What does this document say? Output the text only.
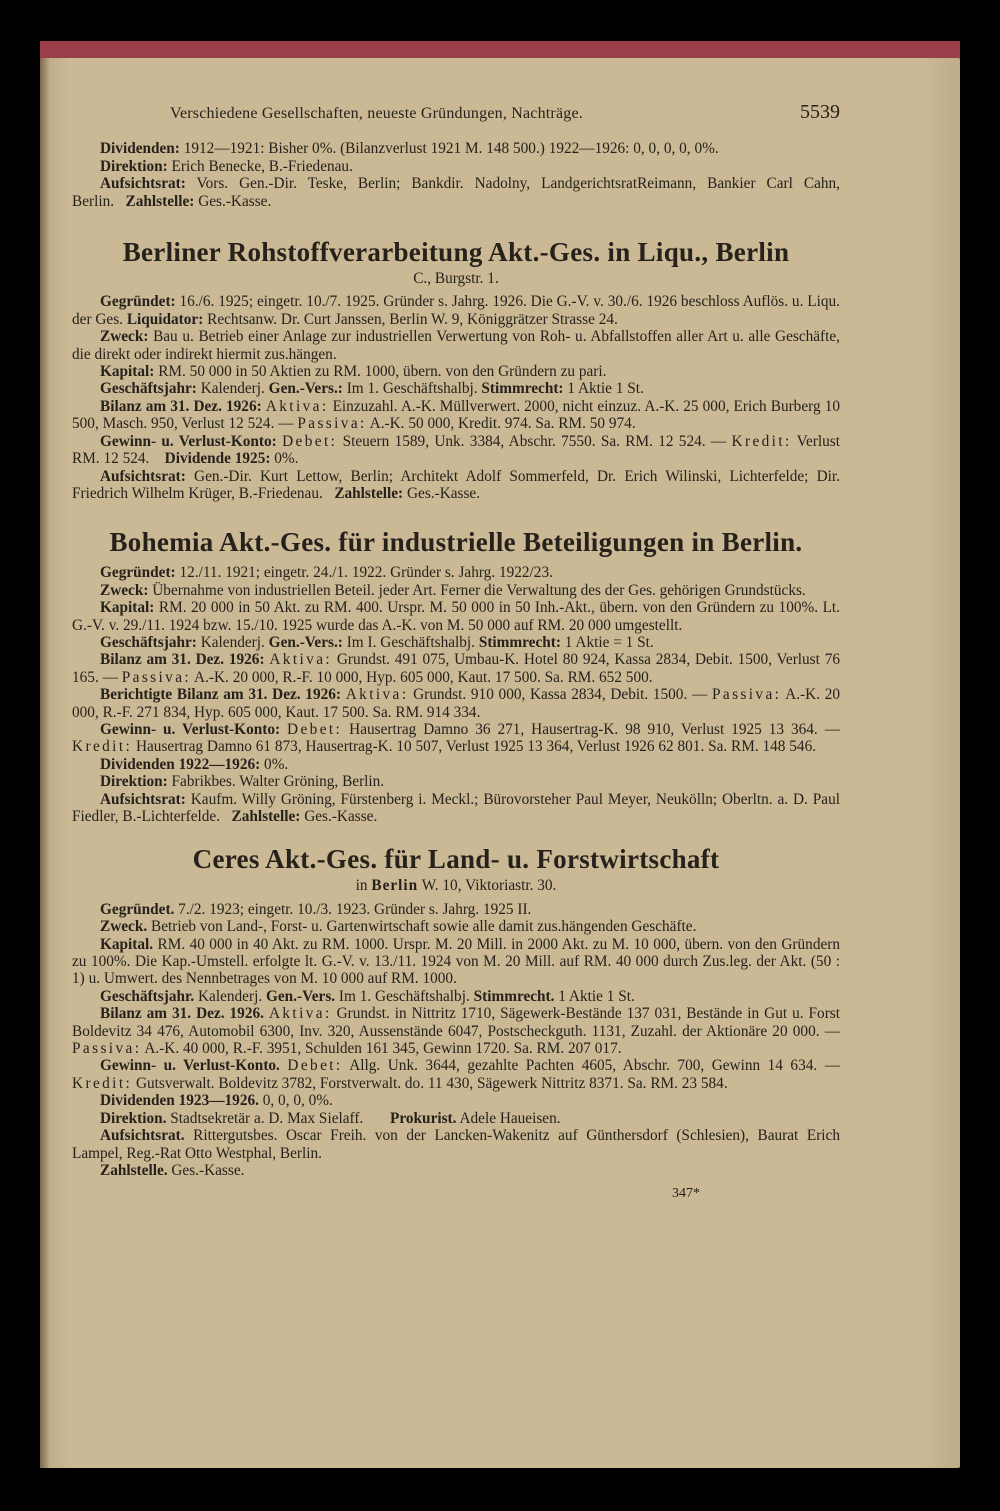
Verschiedene Gesellschaften, neueste Gründungen, Nachträge.	5539

Dividenden: 1912—1921: Bisher 0%. (Bilanzverlust 1921 M. 148 500.) 1922—1926: 0, 0, 0, 0, 0%.

Direktion: Erich Benecke, B.-Friedenau.

Aufsichtsrat: Vors. Gen.-Dir. Teske, Berlin; Bankdir. Nadolny, LandgerichtsratReimann, Bankier Carl Cahn, Berlin. Zahlstelle: Ges.-Kasse.

Berliner Rohstoffverarbeitung Akt.-Ges. in Liqu., Berlin

C., Burgstr. 1.

Gegründet: 16./6. 1925; eingetr. 10./7. 1925. Gründer s. Jahrg. 1926. Die G.-V. v. 30./6. 1926 beschloss Auflös. u. Liqu. der Ges. Liquidator: Rechtsanw. Dr. Curt Janssen, Berlin W. 9, Königgrätzer Strasse 24.

Zweck: Bau u. Betrieb einer Anlage zur industriellen Verwertung von Roh- u. Abfallstoffen aller Art u. alle Geschäfte, die direkt oder indirekt hiermit zus.hängen.

Kapital: RM. 50 000 in 50 Aktien zu RM. 1000, übern. von den Gründern zu pari.

Geschäftsjahr: Kalenderj. Gen.-Vers.: Im 1. Geschäftshalbj. Stimmrecht: 1 Aktie 1 St.

Bilanz am 31. Dez. 1926: Aktiva: Einzuzahl. A.-K. Müllverwert. 2000, nicht einzuz. A.-K. 25 000, Erich Burberg 10 500, Masch. 950, Verlust 12 524. — Passiva: A.-K. 50 000, Kredit. 974. Sa. RM. 50 974.

Gewinn- u. Verlust-Konto: Debet: Steuern 1589, Unk. 3384, Abschr. 7550. Sa. RM. 12 524. — Kredit: Verlust RM. 12 524. Dividende 1925: 0%.

Aufsichtsrat: Gen.-Dir. Kurt Lettow, Berlin; Architekt Adolf Sommerfeld, Dr. Erich Wilinski, Lichterfelde; Dir. Friedrich Wilhelm Krüger, B.-Friedenau. Zahlstelle: Ges.-Kasse.

Bohemia Akt.-Ges. für industrielle Beteiligungen in Berlin.

Gegründet: 12./11. 1921; eingetr. 24./1. 1922. Gründer s. Jahrg. 1922/23.

Zweck: Übernahme von industriellen Beteil. jeder Art. Ferner die Verwaltung des der Ges. gehörigen Grundstücks.

Kapital: RM. 20 000 in 50 Akt. zu RM. 400. Urspr. M. 50 000 in 50 Inh.-Akt., übern. von den Gründern zu 100%. Lt. G.-V. v. 29./11. 1924 bzw. 15./10. 1925 wurde das A.-K. von M. 50 000 auf RM. 20 000 umgestellt.

Geschäftsjahr: Kalenderj. Gen.-Vers.: Im I. Geschäftshalbj. Stimmrecht: 1 Aktie = 1 St.

Bilanz am 31. Dez. 1926: Aktiva: Grundst. 491 075, Umbau-K. Hotel 80 924, Kassa 2834, Debit. 1500, Verlust 76 165. — Passiva: A.-K. 20 000, R.-F. 10 000, Hyp. 605 000, Kaut. 17 500. Sa. RM. 652 500.

Berichtigte Bilanz am 31. Dez. 1926: Aktiva: Grundst. 910 000, Kassa 2834, Debit. 1500. — Passiva: A.-K. 20 000, R.-F. 271 834, Hyp. 605 000, Kaut. 17 500. Sa. RM. 914 334.

Gewinn- u. Verlust-Konto: Debet: Hausertrag Damno 36 271, Hausertrag-K. 98 910, Verlust 1925 13 364. — Kredit: Hausertrag Damno 61 873, Hausertrag-K. 10 507, Verlust 1925 13 364, Verlust 1926 62 801. Sa. RM. 148 546.

Dividenden 1922—1926: 0%.

Direktion: Fabrikbes. Walter Gröning, Berlin.

Aufsichtsrat: Kaufm. Willy Gröning, Fürstenberg i. Meckl.; Bürovorsteher Paul Meyer, Neukölln; Oberltn. a. D. Paul Fiedler, B.-Lichterfelde. Zahlstelle: Ges.-Kasse.

Ceres Akt.-Ges. für Land- u. Forstwirtschaft

in Berlin W. 10, Viktoriastr. 30.

Gegründet. 7./2. 1923; eingetr. 10./3. 1923. Gründer s. Jahrg. 1925 II.

Zweck. Betrieb von Land-, Forst- u. Gartenwirtschaft sowie alle damit zus.hängenden Geschäfte.

Kapital. RM. 40 000 in 40 Akt. zu RM. 1000. Urspr. M. 20 Mill. in 2000 Akt. zu M. 10 000, übern. von den Gründern zu 100%. Die Kap.-Umstell. erfolgte lt. G.-V. v. 13./11. 1924 von M. 20 Mill. auf RM. 40 000 durch Zus.leg. der Akt. (50 : 1) u. Umwert. des Nennbetrages von M. 10 000 auf RM. 1000.

Geschäftsjahr. Kalenderj. Gen.-Vers. Im 1. Geschäftshalbj. Stimmrecht. 1 Aktie 1 St.

Bilanz am 31. Dez. 1926. Aktiva: Grundst. in Nittritz 1710, Sägewerk-Bestände 137 031, Bestände in Gut u. Forst Boldevitz 34 476, Automobil 6300, Inv. 320, Aussenstände 6047, Postscheckguth. 1131, Zuzahl. der Aktionäre 20 000. — Passiva: A.-K. 40 000, R.-F. 3951, Schulden 161 345, Gewinn 1720. Sa. RM. 207 017.

Gewinn- u. Verlust-Konto. Debet: Allg. Unk. 3644, gezahlte Pachten 4605, Abschr. 700, Gewinn 14 634. — Kredit: Gutsverwalt. Boldevitz 3782, Forstverwalt. do. 11 430, Sägewerk Nittritz 8371. Sa. RM. 23 584.

Dividenden 1923—1926. 0, 0, 0, 0%.

Direktion. Stadtsekretär a. D. Max Sielaff. Prokurist. Adele Haueisen.

Aufsichtsrat. Rittergutsbes. Oscar Freih. von der Lancken-Wakenitz auf Günthersdorf (Schlesien), Baurat Erich Lampel, Reg.-Rat Otto Westphal, Berlin.

Zahlstelle. Ges.-Kasse.

347*
